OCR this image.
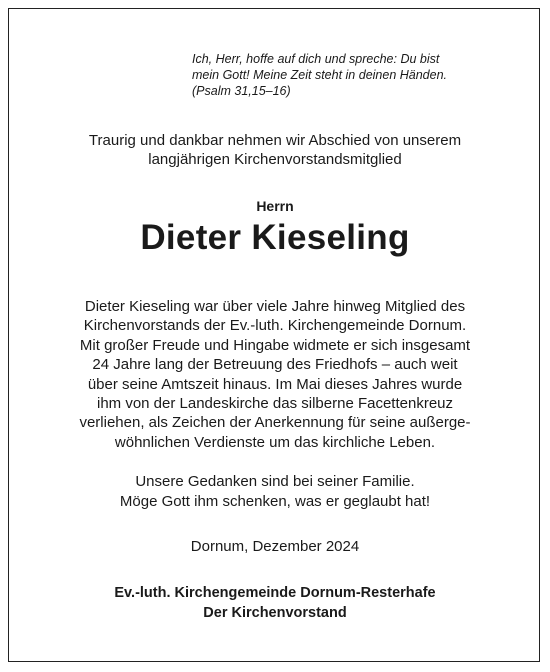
Ich, Herr, hoffe auf dich und spreche: Du bist
mein Gott! Meine Zeit steht in deinen Händen.
(Psalm 31,15–16)
Traurig und dankbar nehmen wir Abschied von unserem
langjährigen Kirchenvorstandsmitglied
Herrn
Dieter Kieseling
Dieter Kieseling war über viele Jahre hinweg Mitglied des
Kirchenvorstands der Ev.-luth. Kirchengemeinde Dornum.
Mit großer Freude und Hingabe widmete er sich insgesamt
24 Jahre lang der Betreuung des Friedhofs – auch weit
über seine Amtszeit hinaus. Im Mai dieses Jahres wurde
ihm von der Landeskirche das silberne Facettenkreuz
verliehen, als Zeichen der Anerkennung für seine außerge-
wöhnlichen Verdienste um das kirchliche Leben.
Unsere Gedanken sind bei seiner Familie.
Möge Gott ihm schenken, was er geglaubt hat!
Dornum, Dezember 2024
Ev.-luth. Kirchengemeinde Dornum-Resterhafe
Der Kirchenvorstand
